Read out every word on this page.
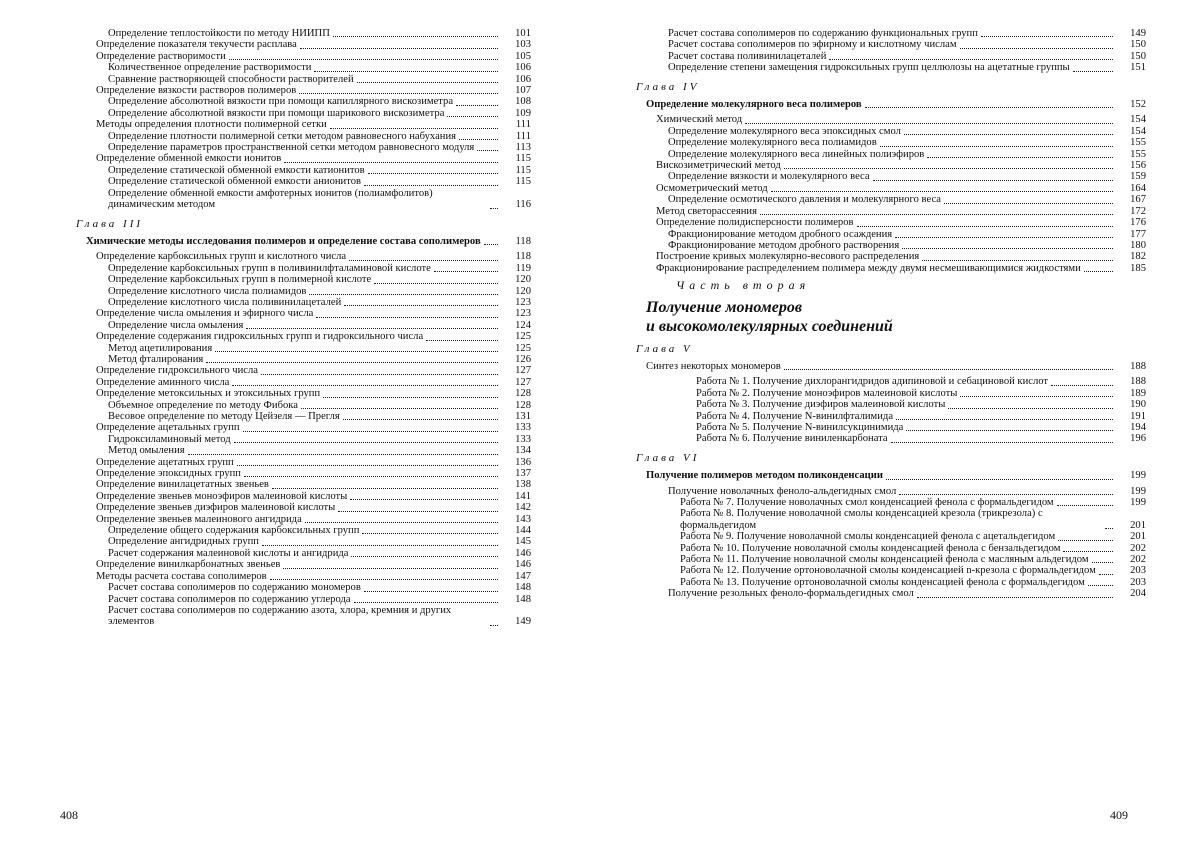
Определение теплостойкости по методу НИИПП	101
Определение показателя текучести расплава	103
Определение растворимости	105
Количественное определение растворимости	106
Сравнение растворяющей способности растворителей	106
Определение вязкости растворов полимеров	107
Определение абсолютной вязкости при помощи капиллярного вискозиметра	108
Определение абсолютной вязкости при помощи шарикового вискозиметра	109
Методы определения плотности полимерной сетки	111
Определение плотности полимерной сетки методом равновесного набухания	111
Определение параметров пространственной сетки методом равновесного модуля	113
Определение обменной емкости ионитов	115
Определение статической обменной емкости катионитов	115
Определение статической обменной емкости анионитов	115
Определение обменной емкости амфотерных ионитов (полиамфолитов) динамическим методом	116
Глава III
Химические методы исследования полимеров и определение состава сополимеров	118
Определение карбоксильных групп и кислотного числа	118
Определение карбоксильных групп в поливинилфталаминовой кислоте	119
Определение карбоксильных групп в полимерной кислоте	120
Определение кислотного числа полиамидов	120
Определение кислотного числа поливинилацеталей	123
Определение числа омыления и эфирного числа	123
Определение числа омыления	124
Определение содержания гидроксильных групп и гидроксильного числа	125
Метод ацетилирования	125
Метод фталирования	126
Определение гидроксильного числа	127
Определение аминного числа	127
Определение метоксильных и этоксильных групп	128
Объемное определение по методу Фибока	128
Весовое определение по методу Цейзеля — Прегля	131
Определение ацетальных групп	133
Гидроксиламиновый метод	133
Метод омыления	134
Определение ацетатных групп	136
Определение эпоксидных групп	137
Определение винилацетатных звеньев	138
Определение звеньев моноэфиров малеиновой кислоты	141
Определение звеньев диэфиров малеиновой кислоты	142
Определение звеньев малеинового ангидрида	143
Определение общего содержания карбоксильных групп	144
Определение ангидридных групп	145
Расчет содержания малеиновой кислоты и ангидрида	146
Определение винилкарбонатных звеньев	146
Методы расчета состава сополимеров	147
Расчет состава сополимеров по содержанию мономеров	148
Расчет состава сополимеров по содержанию углерода	148
Расчет состава сополимеров по содержанию азота, хлора, кремния и других элементов	149
408
Расчет состава сополимеров по содержанию функциональных групп	149
Расчет состава сополимеров по эфирному и кислотному числам	150
Расчет состава поливинилацеталей	150
Определение степени замещения гидроксильных групп целлюлозы на ацетатные группы	151
Глава IV
Определение молекулярного веса полимеров	152
Химический метод	154
Определение молекулярного веса эпоксидных смол	154
Определение молекулярного веса полиамидов	155
Определение молекулярного веса линейных полиэфиров	155
Вискозиметрический метод	156
Определение вязкости и молекулярного веса	159
Осмометрический метод	164
Определение осмотического давления и молекулярного веса	167
Метод светорассеяния	172
Определение полидисперсности полимеров	176
Фракционирование методом дробного осаждения	177
Фракционирование методом дробного растворения	180
Построение кривых молекулярно-весового распределения	182
Фракционирование распределением полимера между двумя несмешивающимися жидкостями	185
Часть вторая
Получение мономеров
и высокомолекулярных соединений
Глава V
Синтез некоторых мономеров	188
Работа № 1. Получение дихлорангидридов адипиновой и себациновой кислот	188
Работа № 2. Получение моноэфиров малеиновой кислоты	189
Работа № 3. Получение диэфиров малеиновой кислоты	190
Работа № 4. Получение N-винилфталимида	191
Работа № 5. Получение N-винилсукцинимида	194
Работа № 6. Получение виниленкарбоната	196
Глава VI
Получение полимеров методом поликонденсации	199
Получение новолачных феноло-альдегидных смол	199
Работа № 7. Получение новолачных смол конденсацией фенола с формальдегидом	199
Работа № 8. Получение новолачной смолы конденсацией крезола (трикрезола) с формальдегидом	201
Работа № 9. Получение новолачной смолы конденсацией фенола с ацетальдегидом	201
Работа № 10. Получение новолачной смолы конденсацией фенола с бензальдегидом	202
Работа № 11. Получение новолачной смолы конденсацией фенола с масляным альдегидом	202
Работа № 12. Получение ортоноволачной смолы конденсацией n-крезола с формальдегидом	203
Работа № 13. Получение ортоноволачной смолы конденсацией фенола с формальдегидом	203
Получение резольных феноло-формальдегидных смол	204
409
